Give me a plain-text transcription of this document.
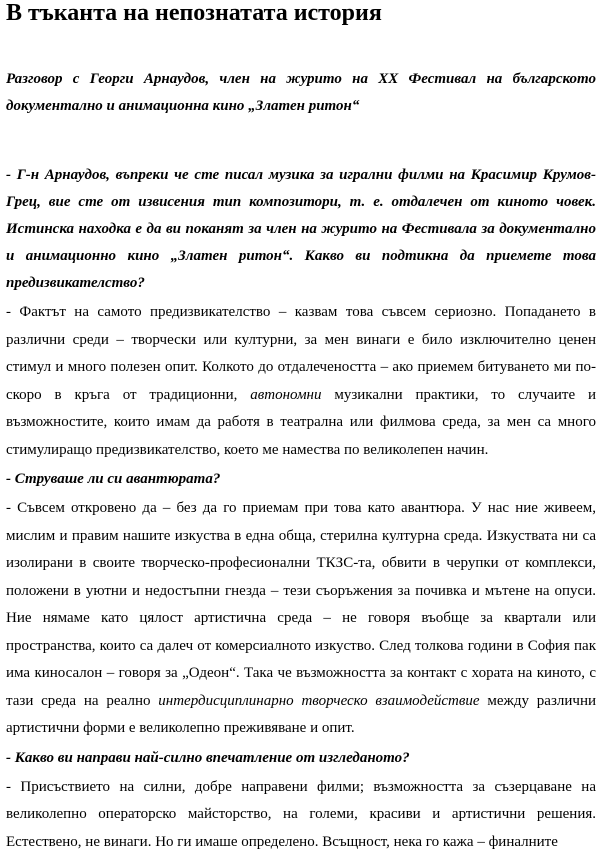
В тъканта на непознатата история

Разговор с Георги Арнаудов, член на журито на ХХ Фестивал на българското документално и анимационна кино „Златен ритон“

- Г-н Арнаудов, въпреки че сте писал музика за игрални филми на Красимир Крумов-Грец, вие сте от извисения тип композитори, т. е. отдалечен от киното човек. Истинска находка е да ви поканят за член на журито на Фестивала за документално и анимационно кино „Златен ритон“. Какво ви подтикна да приемете това предизвикателство?

- Фактът на самото предизвикателство – казвам това съвсем сериозно. Попадането в различни среди – творчески или културни, за мен винаги е било изключително ценен стимул и много полезен опит. Колкото до отдалечеността – ако приемем битуването ми по-скоро в кръга от традиционни, автономни музикални практики, то случаите и възможностите, които имам да работя в театрална или филмова среда, за мен са много стимулиращо предизвикателство, което ме намества по великолепен начин.

- Струваше ли си авантюрата?

- Съвсем откровено да – без да го приемам при това като авантюра. У нас ние живеем, мислим и правим нашите изкуства в една обща, стерилна културна среда. Изкуствата ни са изолирани в своите творческо-професионални ТКЗС-та, обвити в черупки от комплекси, положени в уютни и недостъпни гнезда – тези съоръжения за почивка и мътене на опуси. Ние нямаме като цялост артистична среда – не говоря въобще за квартали или пространства, които са далеч от комерсиалното изкуство. След толкова години в София пак има киносалон – говоря за „Одеон“. Така че възможността за контакт с хората на киното, с тази среда на реално интердисциплинарно творческо взаимодействие между различни артистични форми е великолепно преживяване и опит.

- Какво ви направи най-силно впечатление от изгледаното?

- Присъствието на силни, добре направени филми; възможността за съзерцаване на великолепно операторско майсторство, на големи, красиви и артистични решения. Естествено, не винаги. Но ги имаше определено. Всъщност, нека го кажа – финалните
